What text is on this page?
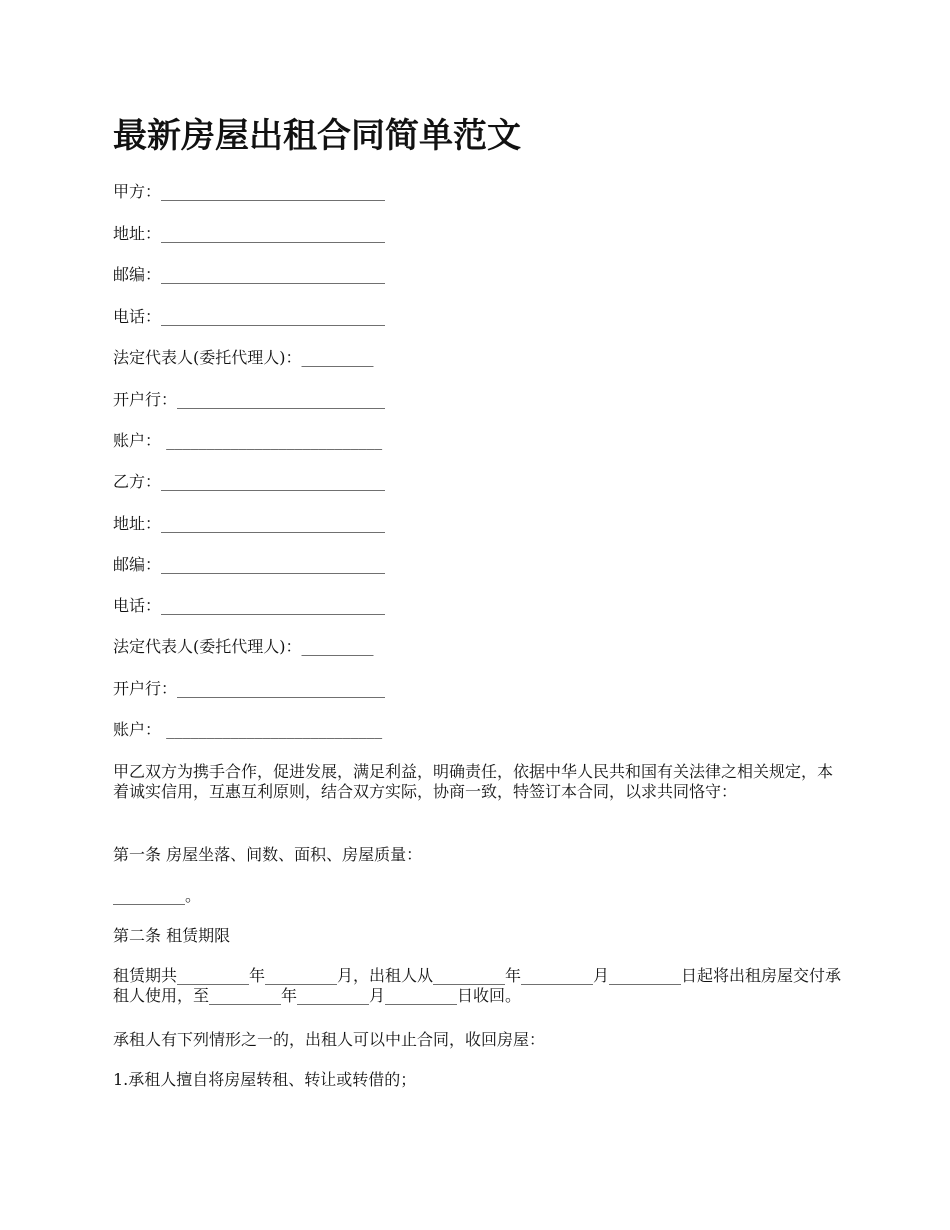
最新房屋出租合同简单范文
甲方：____________________________
地址：____________________________
邮编：____________________________
电话：____________________________
法定代表人(委托代理人)：_________
开户行：__________________________
账户： ___________________________
乙方：____________________________
地址：____________________________
邮编：____________________________
电话：____________________________
法定代表人(委托代理人)：_________
开户行：__________________________
账户： ___________________________
甲乙双方为携手合作，促进发展，满足利益，明确责任，依据中华人民共和国有关法律之相关规定，本着诚实信用，互惠互利原则，结合双方实际，协商一致，特签订本合同，以求共同恪守：
第一条 房屋坐落、间数、面积、房屋质量：
_________。
第二条 租赁期限
租赁期共_________年_________月，出租人从_________年_________月_________日起将出租房屋交付承租人使用，至_________年_________月_________日收回。
承租人有下列情形之一的，出租人可以中止合同，收回房屋：
1.承租人擅自将房屋转租、转让或转借的；
